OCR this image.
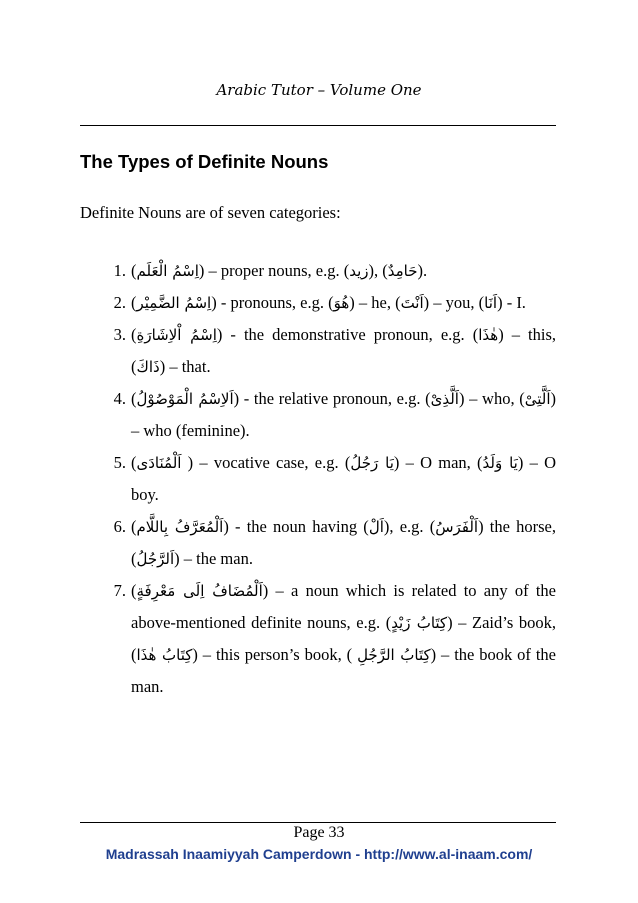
Arabic Tutor – Volume One
The Types of Definite Nouns
Definite Nouns are of seven categories:
1. (اِسْمُ الْعَلَم) – proper nouns, e.g. (زيد), (حَامِدٌ).
2. (اِسْمُ الضَّمِيْر) - pronouns, e.g. (هُوَ) – he, (اَنْتَ) – you, (اَنَا) - I.
3. (اِسْمُ اْلاِشَارَةِ) - the demonstrative pronoun, e.g. (هٰذَا) – this, (ذَاكَ) – that.
4. (اَلاِسْمُ الْمَوْصُوْلُ) - the relative pronoun, e.g. (اَلَّذِىْ) – who, (اَلَّتِىْ) – who (feminine).
5. (اَلْمُنَادَى ) – vocative case, e.g. (يَا رَجُلُ) – O man, (يَا وَلَدُ) – O boy.
6. (اَلْمُعَرَّفُ بِاللَّام) - the noun having (اَلْ), e.g. (اَلْفَرَسُ) the horse, (اَلرَّجُلُ) – the man.
7. (اَلْمُضَافُ اِلَى مَعْرِفَةٍ) – a noun which is related to any of the above-mentioned definite nouns, e.g. (كِتَابُ زَيْدٍ) – Zaid’s book, (كِتَابُ هٰذَا) – this person’s book, ( كِتَابُ الرَّجُلِ) – the book of the man.
Page 33
Madrassah Inaamiyyah Camperdown - http://www.al-inaam.com/
